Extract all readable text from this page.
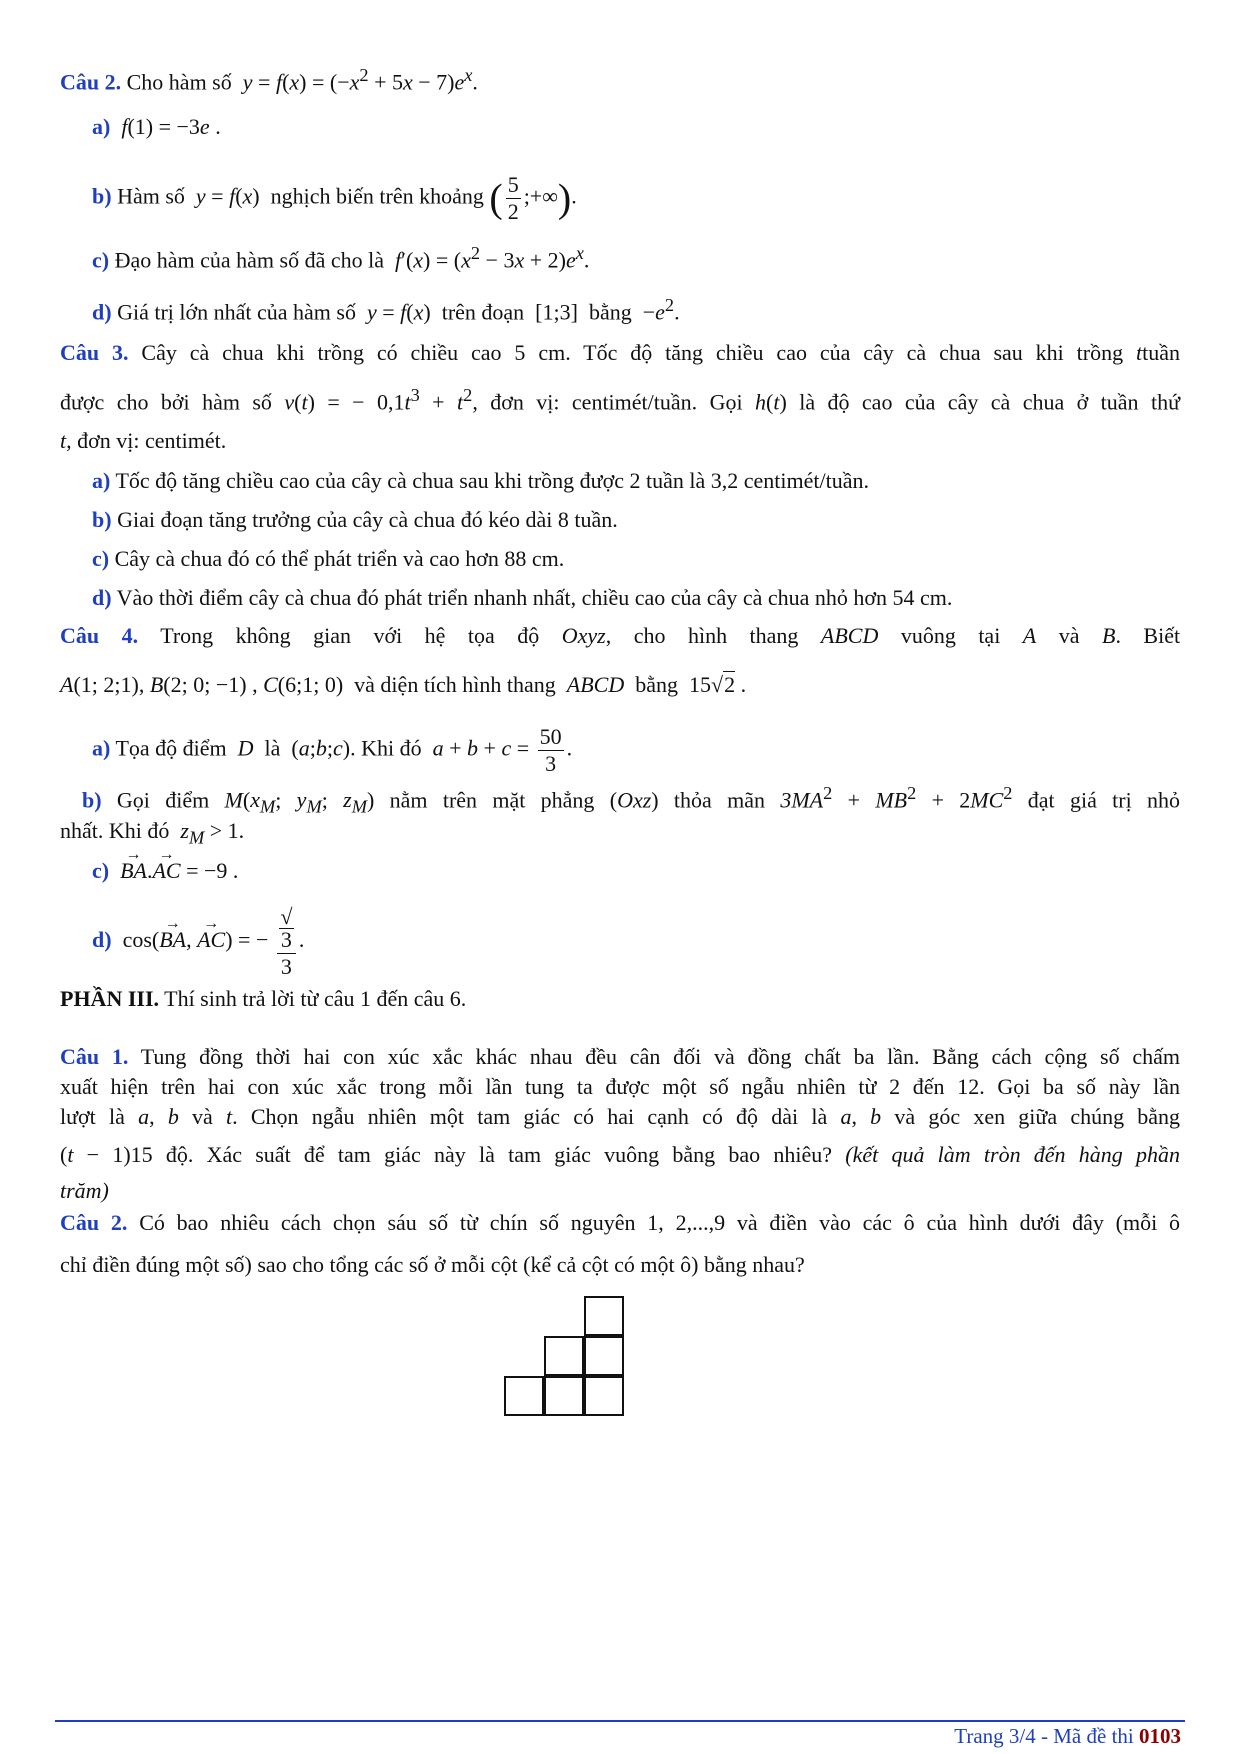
Câu 2. Cho hàm số $y = f(x) = (-x^2 + 5x - 7)e^x$.
a) f(1) = −3e .
b) Hàm số y = f(x)  nghịch biến trên khoảng ( $\frac{5}{2}$ ;+∞).
c) Đạo hàm của hàm số đã cho là $f'(x) = (x^2 - 3x + 2)e^x$.
d) Giá trị lớn nhất của hàm số y = f(x)  trên đoạn  [1;3]  bằng  $-e^2$.
Câu 3. Cây cà chua khi trồng có chiều cao 5 cm. Tốc độ tăng chiều cao của cây cà chua sau khi trồng ttuần
được cho bởi hàm số v(t) = − $0,1t^3 + t^2$, đơn vị: centimét/tuần. Gọi h(t) là độ cao của cây cà chua ở tuần thứ
t, đơn vị: centimét.
a) Tốc độ tăng chiều cao của cây cà chua sau khi trồng được 2 tuần là 3,2 centimét/tuần.
b) Giai đoạn tăng trưởng của cây cà chua đó kéo dài 8 tuần.
c) Cây cà chua đó có thể phát triển và cao hơn 88 cm.
d) Vào thời điểm cây cà chua đó phát triển nhanh nhất, chiều cao của cây cà chua nhỏ hơn 54 cm.
Câu 4. Trong không gian với hệ tọa độ Oxyz, cho hình thang ABCD vuông tại A và B. Biết
A(1; 2;1), B(2; 0; −1) , C(6;1; 0)  và diện tích hình thang ABCD bằng  15√2 .
a) Tọa độ điểm D là  (a;b;c). Khi đó $a + b + c = \frac{50}{3}$ .
b) Gọi điểm $M(x_M$; $y_M$; $z_M$) nằm trên mặt phẳng (Oxz) thỏa mãn $3MA^2 + MB^2 + 2MC^2$ đạt giá trị nhỏ
nhất. Khi đó $z_M > 1$.
c)  → BA.→ AC = −9 .
d)  cos(→ BA, → AC) = − √
3
3 .
PHẦN III. Thí sinh trả lời từ câu 1 đến câu 6.
Câu 1. Tung đồng thời hai con xúc xắc khác nhau đều cân đối và đồng chất ba lần. Bằng cách cộng số chấm
xuất hiện trên hai con xúc xắc trong mỗi lần tung ta được một số ngẫu nhiên từ 2 đến 12. Gọi ba số này lần
lượt là a, b và t. Chọn ngẫu nhiên một tam giác có hai cạnh có độ dài là a, b và góc xen giữa chúng bằng
(t − 1)15 độ. Xác suất để tam giác này là tam giác vuông bằng bao nhiêu? (kết quả làm tròn đến hàng phần
trăm)
Câu 2. Có bao nhiêu cách chọn sáu số từ chín số nguyên 1, 2,...,9 và điền vào các ô của hình dưới đây (mỗi ô
chỉ điền đúng một số) sao cho tổng các số ở mỗi cột (kể cả cột có một ô) bằng nhau?
Trang 3/4 - Mã đề thi 0103
